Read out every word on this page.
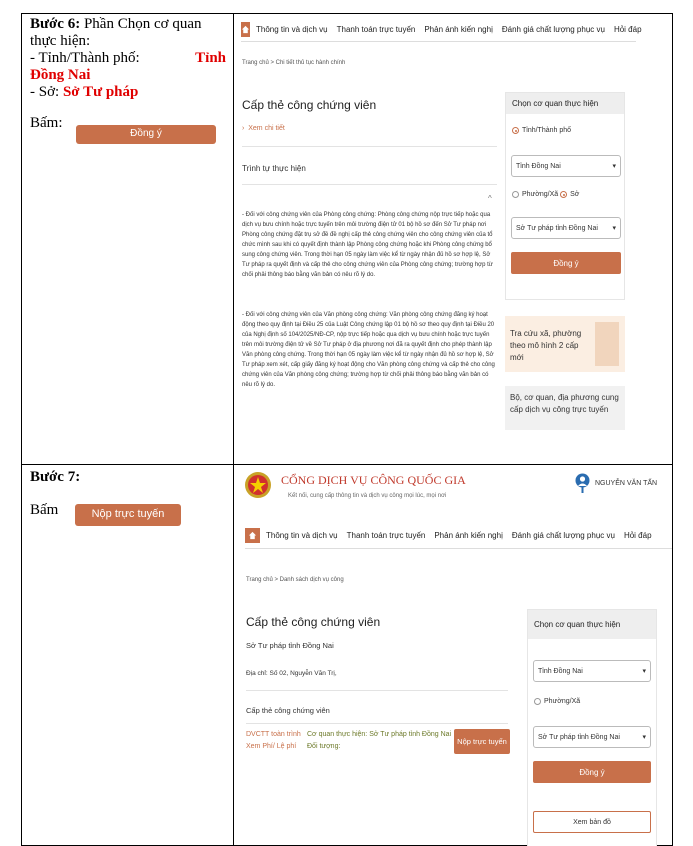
Bước 6: Phần Chọn cơ quan
thực hiện:
- Tỉnh/Thành phố:	Tỉnh
Đồng Nai
- Sở: Sở Tư pháp
Bấm:
Đồng ý
Thông tin và dịch vụ Thanh toán trực tuyến Phản ánh kiến nghị Đánh giá chất lượng phục vụ Hỏi đáp
Trang chủ > Chi tiết thủ tục hành chính
Cấp thẻ công chứng viên
›  Xem chi tiết
Trình tự thực hiện
^
- Đối với công chứng viên của Phòng công chứng: Phòng công chứng nộp trực tiếp hoặc qua dịch vụ bưu chính hoặc trực tuyến trên môi trường điện tử 01 bộ hồ sơ đến Sở Tư pháp nơi Phòng công chứng đặt trụ sở đề đề nghị cấp thẻ công chứng viên cho công chứng viên của tổ chức mình sau khi có quyết định thành lập Phòng công chứng hoặc khi Phòng công chứng bổ sung công chứng viên. Trong thời hạn 05 ngày làm việc kể từ ngày nhận đủ hồ sơ hợp lệ, Sở Tư pháp ra quyết định và cấp thẻ cho công chứng viên của Phòng công chứng; trường hợp từ chối phải thông báo bằng văn bản có nêu rõ lý do.
- Đối với công chứng viên của Văn phòng công chứng: Văn phòng công chứng đăng ký hoạt động theo quy định tại Điều 25 của Luật Công chứng lập 01 bộ hồ sơ theo quy định tại Điều 20 của Nghị định số 104/2025/NĐ-CP, nộp trực tiếp hoặc qua dịch vụ bưu chính hoặc trực tuyến trên môi trường điện tử về Sở Tư pháp ở địa phương nơi đã ra quyết định cho phép thành lập Văn phòng công chứng. Trong thời hạn 05 ngày làm việc kể từ ngày nhận đủ hồ sơ hợp lệ, Sở Tư pháp xem xét, cấp giấy đăng ký hoạt động cho Văn phòng công chứng và cấp thẻ cho công chứng viên của Văn phòng công chứng; trường hợp từ chối phải thông báo bằng văn bản có nêu rõ lý do.
Chọn cơ quan thực hiện
Tỉnh/Thành phố
Tỉnh Đồng Nai	▾
Phường/Xã
Sở
Sở Tư pháp tỉnh Đồng Nai ▾
Đồng ý
Tra cứu xã, phường theo mô hình 2 cấp mới
Bộ, cơ quan, địa phương cung cấp dịch vụ công trực tuyến
Bước 7:
Bấm	Nộp trực tuyến
CỔNG DỊCH VỤ CÔNG QUỐC GIA
Kết nối, cung cấp thông tin và dịch vụ công mọi lúc, mọi nơi
NGUYỄN VĂN TẤN
Thông tin và dịch vụ Thanh toán trực tuyến Phản ánh kiến nghị Đánh giá chất lượng phục vụ Hỏi đáp
Trang chủ > Danh sách dịch vụ công
Cấp thẻ công chứng viên
Sở Tư pháp tỉnh Đồng Nai
Địa chỉ: Số 02, Nguyễn Văn Trị,
Cấp thẻ công chứng viên
DVCTT toàn trình
Xem Phí/ Lệ phí
Cơ quan thực hiện: Sở Tư pháp tỉnh Đồng Nai
Đối tượng:
Nộp trực tuyến
Chọn cơ quan thực hiện
Tỉnh Đồng Nai	▾
Phường/Xã
Sở Tư pháp tỉnh Đồng Nai	▾
Đồng ý
Xem bản đồ
